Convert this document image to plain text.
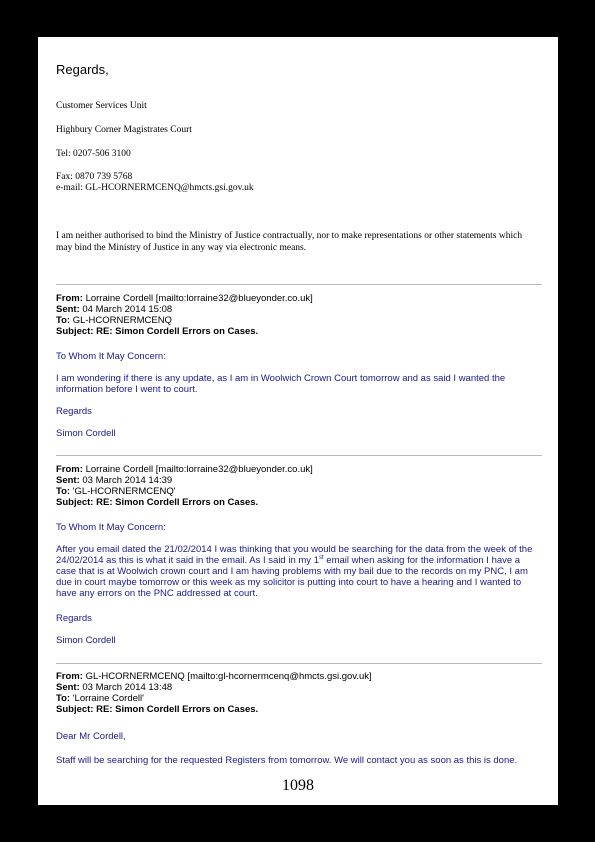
Regards,
Customer Services Unit
Highbury Corner Magistrates Court
Tel: 0207-506 3100
Fax: 0870 739 5768
e-mail: GL-HCORNERMCENQ@hmcts.gsi.gov.uk
I am neither authorised to bind the Ministry of Justice contractually, nor to make representations or other statements which may bind the Ministry of Justice in any way via electronic means.
From: Lorraine Cordell [mailto:lorraine32@blueyonder.co.uk]
Sent: 04 March 2014 15:08
To: GL-HCORNERMCENQ
Subject: RE: Simon Cordell Errors on Cases.
To Whom It May Concern:
I am wondering if there is any update, as I am in Woolwich Crown Court tomorrow and as said I wanted the information before I went to court.
Regards
Simon Cordell
From: Lorraine Cordell [mailto:lorraine32@blueyonder.co.uk]
Sent: 03 March 2014 14:39
To: 'GL-HCORNERMCENQ'
Subject: RE: Simon Cordell Errors on Cases.
To Whom It May Concern:
After you email dated the 21/02/2014 I was thinking that you would be searching for the data from the week of the 24/02/2014 as this is what it said in the email. As I said in my 1st email when asking for the information I have a case that is at Woolwich crown court and I am having problems with my bail due to the records on my PNC, I am due in court maybe tomorrow or this week as my solicitor is putting into court to have a hearing and I wanted to have any errors on the PNC addressed at court.
Regards
Simon Cordell
From: GL-HCORNERMCENQ [mailto:gl-hcornermcenq@hmcts.gsi.gov.uk]
Sent: 03 March 2014 13:48
To: 'Lorraine Cordell'
Subject: RE: Simon Cordell Errors on Cases.
Dear Mr Cordell,
Staff will be searching for the requested Registers from tomorrow. We will contact you as soon as this is done.
1098
